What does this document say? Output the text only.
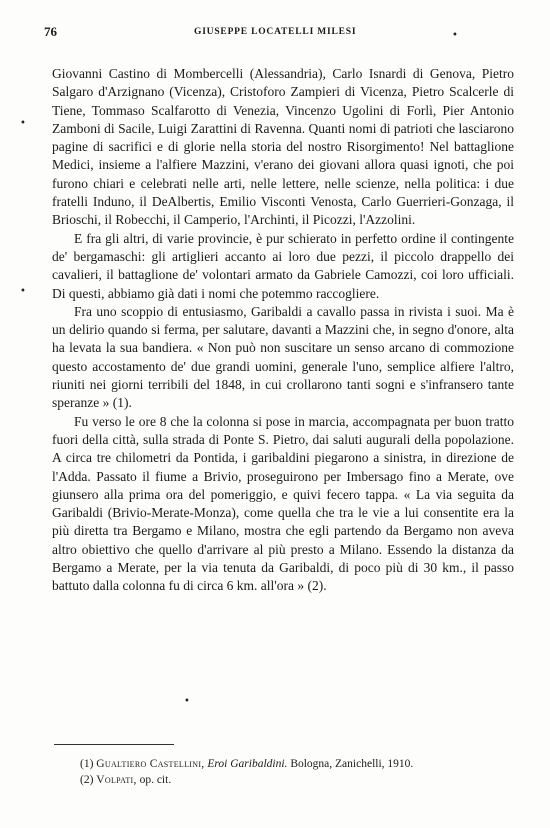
76	GIUSEPPE LOCATELLI MILESI

Giovanni Castino di Mombercelli (Alessandria), Carlo Isnardi di Genova, Pietro Salgaro d'Arzignano (Vicenza), Cristoforo Zampieri di Vicenza, Pietro Scalcerle di Tiene, Tommaso Scalfarotto di Venezia, Vincenzo Ugolini di Forlì, Pier Antonio Zamboni di Sacile, Luigi Zarattini di Ravenna. Quanti nomi di patrioti che lasciarono pagine di sacrifici e di glorie nella storia del nostro Risorgimento! Nel battaglione Medici, insieme a l'alfiere Mazzini, v'erano dei giovani allora quasi ignoti, che poi furono chiari e celebrati nelle arti, nelle lettere, nelle scienze, nella politica: i due fratelli Induno, il DeAlbertis, Emilio Visconti Venosta, Carlo Guerrieri-Gonzaga, il Brioschi, il Robecchi, il Camperio, l'Archinti, il Picozzi, l'Azzolini.

E fra gli altri, di varie provincie, è pur schierato in perfetto ordine il contingente de' bergamaschi: gli artiglieri accanto ai loro due pezzi, il piccolo drappello dei cavalieri, il battaglione de' volontari armato da Gabriele Camozzi, coi loro ufficiali. Di questi, abbiamo già dati i nomi che potemmo raccogliere.

Fra uno scoppio di entusiasmo, Garibaldi a cavallo passa in rivista i suoi. Ma è un delirio quando si ferma, per salutare, davanti a Mazzini che, in segno d'onore, alta ha levata la sua bandiera. « Non può non suscitare un senso arcano di commozione questo accostamento de' due grandi uomini, generale l'uno, semplice alfiere l'altro, riuniti nei giorni terribili del 1848, in cui crollarono tanti sogni e s'infransero tante speranze » (1).

Fu verso le ore 8 che la colonna si pose in marcia, accompagnata per buon tratto fuori della città, sulla strada di Ponte S. Pietro, dai saluti augurali della popolazione. A circa tre chilometri da Pontida, i garibaldini piegarono a sinistra, in direzione de l'Adda. Passato il fiume a Brivio, proseguirono per Imbersago fino a Merate, ove giunsero alla prima ora del pomeriggio, e quivi fecero tappa. « La via seguita da Garibaldi (Brivio-Merate-Monza), come quella che tra le vie a lui consentite era la più diretta tra Bergamo e Milano, mostra che egli partendo da Bergamo non aveva altro obiettivo che quello d'arrivare al più presto a Milano. Essendo la distanza da Bergamo a Merate, per la via tenuta da Garibaldi, di poco più di 30 km., il passo battuto dalla colonna fu di circa 6 km. all'ora » (2).

(1) Gualtiero Castellini, Eroi Garibaldini. Bologna, Zanichelli, 1910.
(2) Volpati, op. cit.
•
•
•
•
